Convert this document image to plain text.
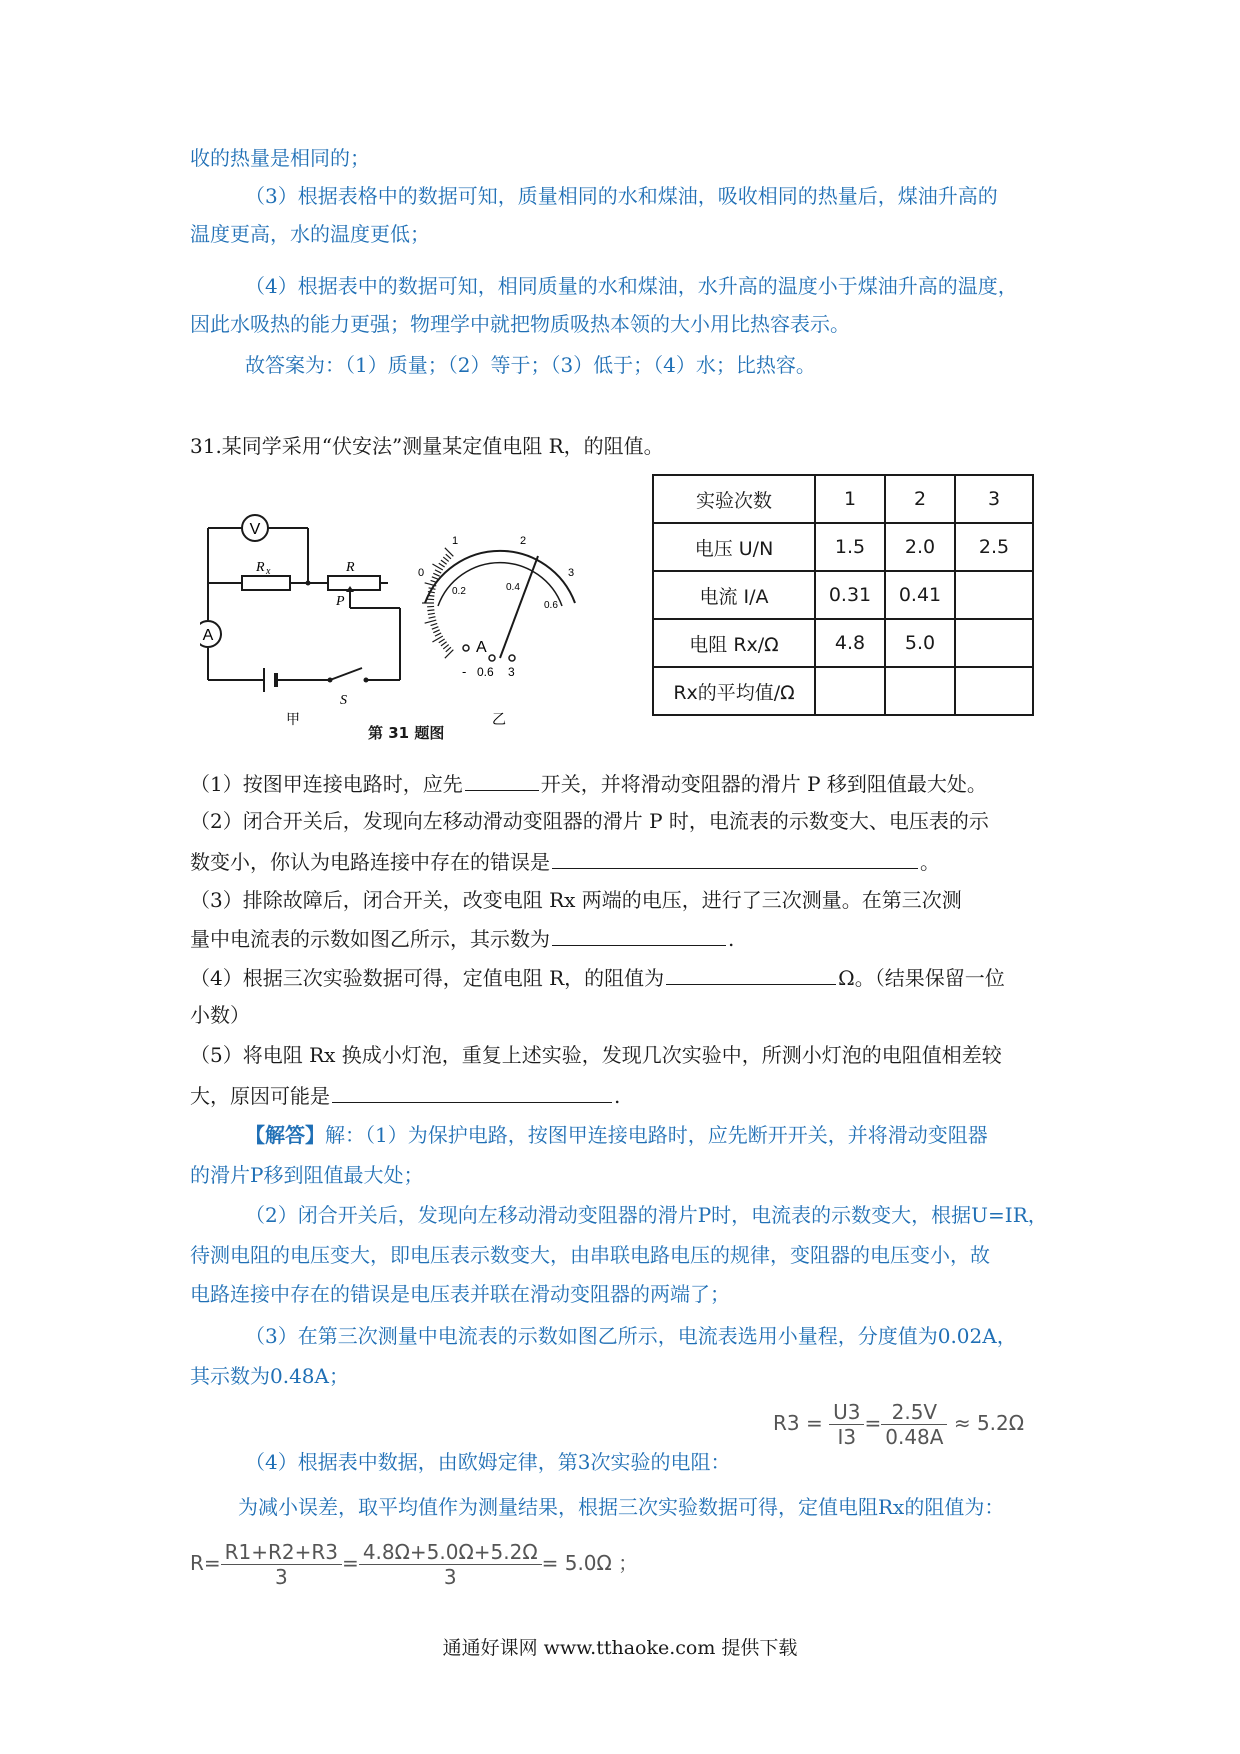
收的热量是相同的；
（3）根据表格中的数据可知，质量相同的水和煤油，吸收相同的热量后，煤油升高的
温度更高，水的温度更低；
（4）根据表中的数据可知，相同质量的水和煤油，水升高的温度小于煤油升高的温度，
因此水吸热的能力更强；物理学中就把物质吸热本领的大小用比热容表示。
故答案为：（1）质量；（2）等于；（3）低于；（4）水；比热容。
31.某同学采用“伏安法”测量某定值电阻 R，的阻值。
V
A
R x	R
P
S
甲
0
1	2
3
0.2	0.4
0.6
A
- 0.6 3
乙
第 31 题图
实验次数	1	2	3
电压 U/N	1.5	2.0	2.5
电流 I/A	0.31	0.41	
电阻 Rx/Ω	4.8	5.0	
Rx的平均值/Ω			
（1）按图甲连接电路时，应先	开关，并将滑动变阻器的滑片 P 移到阻值最大处。
（2）闭合开关后，发现向左移动滑动变阻器的滑片 P 时，电流表的示数变大、电压表的示
数变小，你认为电路连接中存在的错误是	。
（3）排除故障后，闭合开关，改变电阻 Rx 两端的电压，进行了三次测量。在第三次测
量中电流表的示数如图乙所示，其示数为	.
（4）根据三次实验数据可得，定值电阻 R，的阻值为	Ω。（结果保留一位
小数）
（5）将电阻 Rx 换成小灯泡，重复上述实验，发现几次实验中，所测小灯泡的电阻值相差较
大，原因可能是	.
【解答】解：（1）为保护电路，按图甲连接电路时，应先断开开关，并将滑动变阻器
的滑片P移到阻值最大处；
（2）闭合开关后，发现向左移动滑动变阻器的滑片P时，电流表的示数变大，根据U=IR，
待测电阻的电压变大，即电压表示数变大，由串联电路电压的规律，变阻器的电压变小，故
电路连接中存在的错误是电压表并联在滑动变阻器的两端了；
（3）在第三次测量中电流表的示数如图乙所示，电流表选用小量程，分度值为0.02A，
其示数为0.48A；
$R3 = \frac{U3}{I3} = \frac{2.5V}{0.48A} \approx 5.2\Omega$
（4）根据表中数据，由欧姆定律，第3次实验的电阻：
为减小误差，取平均值作为测量结果，根据三次实验数据可得，定值电阻Rx的阻值为：
$R= \frac{R1+R2+R3}{3} = \frac{4.8\Omega+5.0\Omega+5.2\Omega}{3} = 5.0\Omega$ ；
通通好课网 www.tthaoke.com 提供下载
